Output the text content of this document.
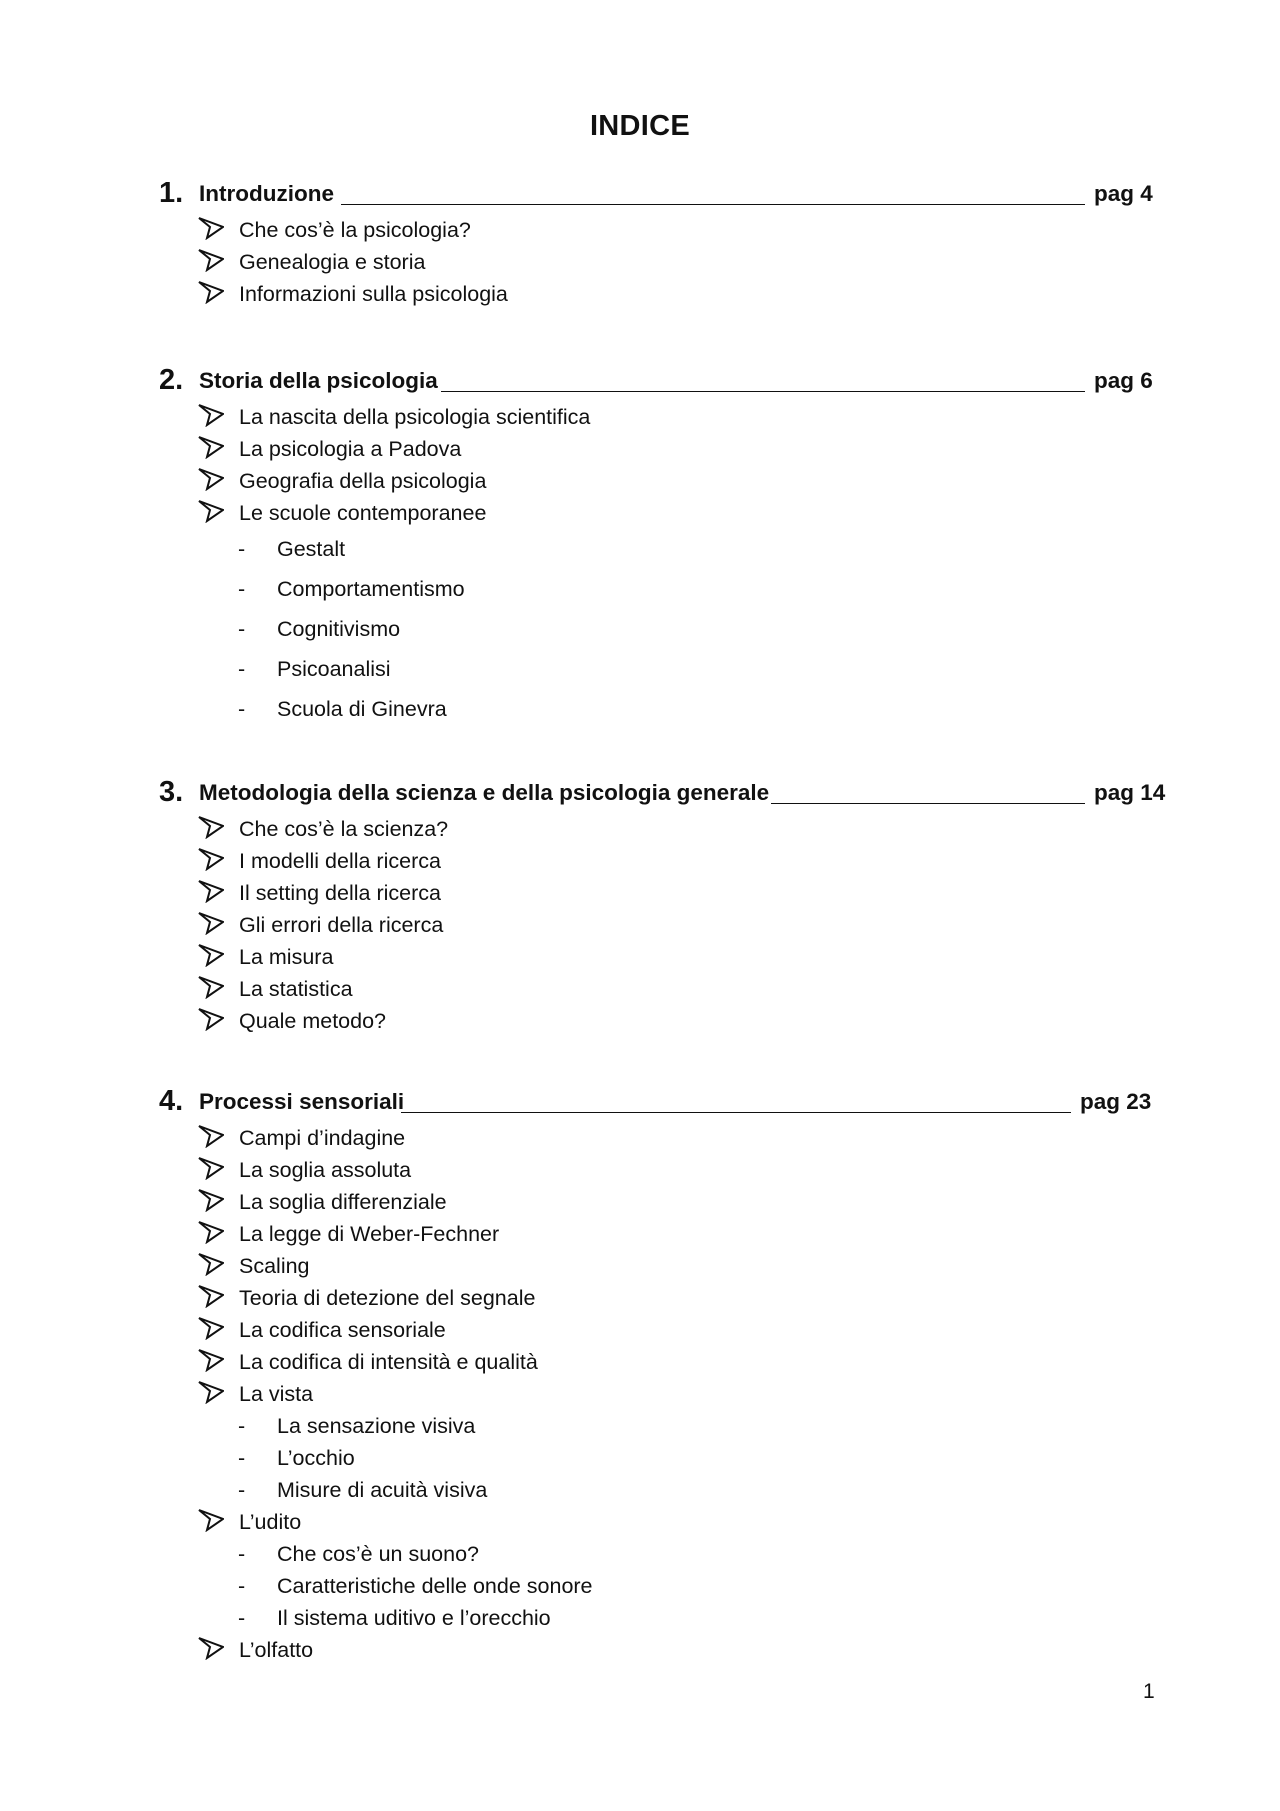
INDICE
1. Introduzione	pag 4
Che cos’è la psicologia?
Genealogia e storia
Informazioni sulla psicologia
2. Storia della psicologia	pag 6
La nascita della psicologia scientifica
La psicologia a Padova
Geografia della psicologia
Le scuole contemporanee
- Gestalt
- Comportamentismo
- Cognitivismo
- Psicoanalisi
- Scuola di Ginevra
3. Metodologia della scienza e della psicologia generale	pag 14
Che cos’è la scienza?
I modelli della ricerca
Il setting della ricerca
Gli errori della ricerca
La misura
La statistica
Quale metodo?
4. Processi sensoriali	pag 23
Campi d’indagine
La soglia assoluta
La soglia differenziale
La legge di Weber-Fechner
Scaling
Teoria di detezione del segnale
La codifica sensoriale
La codifica di intensità e qualità
La vista
- La sensazione visiva
- L’occhio
- Misure di acuità visiva
L’udito
- Che cos’è un suono?
- Caratteristiche delle onde sonore
- Il sistema uditivo e l’orecchio
L’olfatto
1
